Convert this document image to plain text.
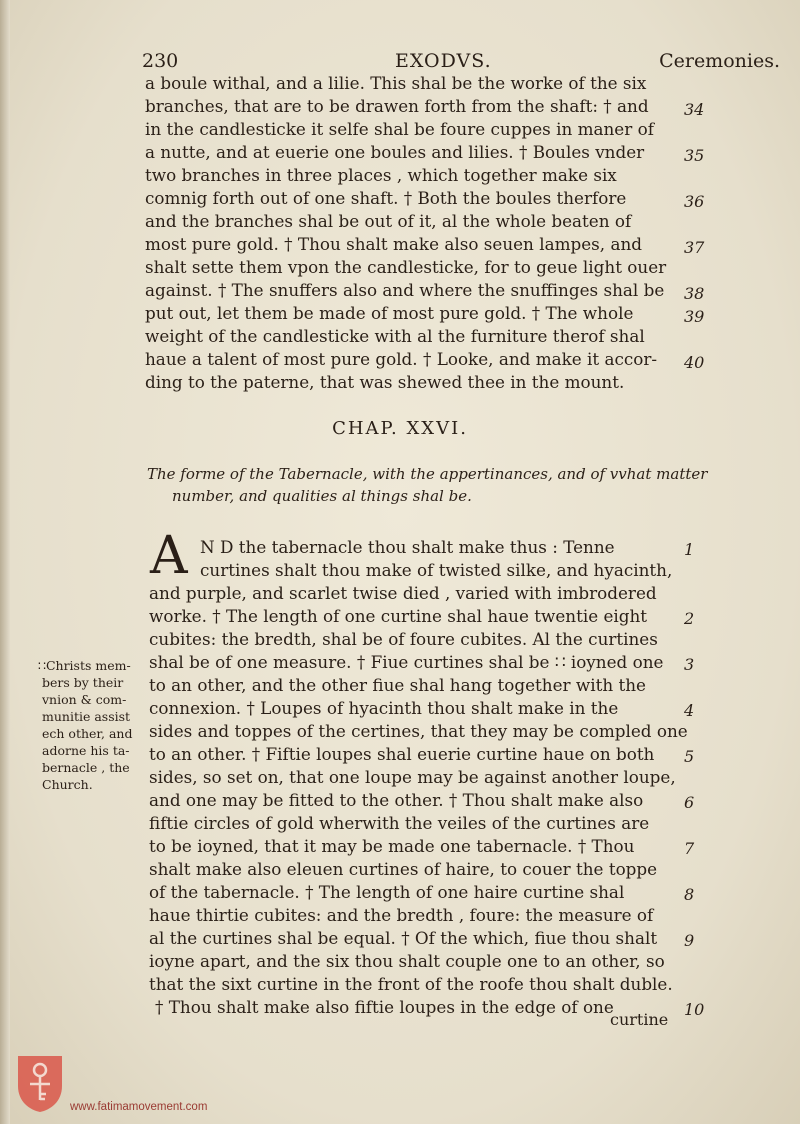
230	EXODVS.	Ceremonies.
a boule withal, and a lilie. This shal be the worke of the six
branches, that are to be drawen forth from the shaft: † and
in the candlesticke it selfe shal be foure cuppes in maner of
a nutte, and at euerie one boules and lilies. † Boules vnder
two branches in three places , which together make six
comnig forth out of one shaft. † Both the boules therfore
and the branches shal be out of it, al the whole beaten of
most pure gold. † Thou shalt make also seuen lampes, and
shalt sette them vpon the candlesticke, for to geue light ouer
against. † The snuffers also and where the snuffinges shal be
put out, let them be made of most pure gold. † The whole
weight of the candlesticke with al the furniture therof shal
haue a talent of most pure gold. † Looke, and make it accor-
ding to the paterne, that was shewed thee in the mount.
34
35
36
37
38
39
40
CHAP. XXVI.
The forme of the Tabernacle, with the appertinances, and of vvhat matter
number, and qualities al things shal be.
A N D the tabernacle thou shalt make thus : Tenne
curtines shalt thou make of twisted silke, and hyacinth,
and purple, and scarlet twise died , varied with imbrodered
worke. † The length of one curtine shal haue twentie eight
cubites: the bredth, shal be of foure cubites. Al the curtines
shal be of one measure. † Fiue curtines shal be ∷ ioyned one
to an other, and the other fiue shal hang together with the
connexion. † Loupes of hyacinth thou shalt make in the
sides and toppes of the certines, that they may be compled one
to an other. † Fiftie loupes shal euerie curtine haue on both
sides, so set on, that one loupe may be against another loupe,
and one may be fitted to the other. † Thou shalt make also
fiftie circles of gold wherwith the veiles of the curtines are
to be ioyned, that it may be made one tabernacle. † Thou
shalt make also eleuen curtines of haire, to couer the toppe
of the tabernacle. † The length of one haire curtine shal
haue thirtie cubites: and the bredth , foure: the measure of
al the curtines shal be equal. † Of the which, fiue thou shalt
ioyne apart, and the six thou shalt couple one to an other, so
that the sixt curtine in the front of the roofe thou shalt duble.
† Thou shalt make also fiftie loupes in the edge of one
1
2
3
4
5
6
7
8
9
10
∷Christs mem-
bers by their
vnion & com-
munitie assist
ech other, and
adorne his ta-
bernacle , the
Church.
curtine
www.fatimamovement.com
